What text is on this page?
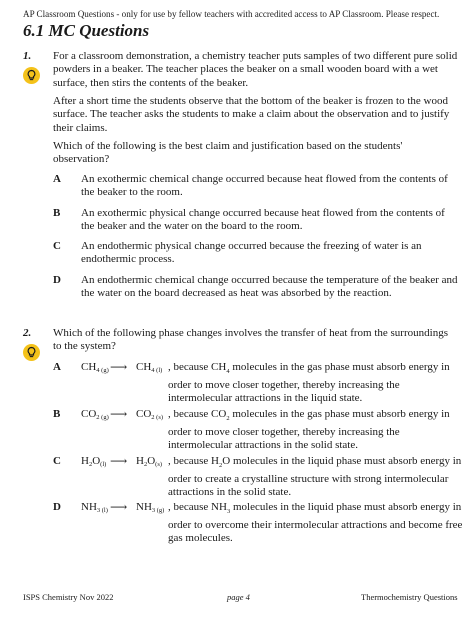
AP Classroom Questions - only for use by fellow teachers with accredited access to AP Classroom. Please respect.
6.1 MC Questions
1. For a classroom demonstration, a chemistry teacher puts samples of two different pure solid powders in a beaker. The teacher places the beaker on a small wooden board with a wet surface, then stirs the contents of the beaker.
After a short time the students observe that the bottom of the beaker is frozen to the wood surface. The teacher asks the students to make a claim about the observation and to justify their claims.
Which of the following is the best claim and justification based on the students' observation?
A An exothermic chemical change occurred because heat flowed from the contents of the beaker to the room.
B An exothermic physical change occurred because heat flowed from the contents of the beaker and the water on the board to the room.
C An endothermic physical change occurred because the freezing of water is an endothermic process.
D An endothermic chemical change occurred because the temperature of the beaker and the water on the board decreased as heat was absorbed by the reaction.
2. Which of the following phase changes involves the transfer of heat from the surroundings to the system?
A $CH_{4 (g)}$ ⟶ $CH_{4 (l)}$ , because $CH_4$ molecules in the gas phase must absorb energy in order to move closer together, thereby increasing the intermolecular attractions in the liquid state.
B $CO_{2 (g)}$ ⟶ $CO_{2 (s)}$ , because $CO_2$ molecules in the gas phase must absorb energy in order to move closer together, thereby increasing the intermolecular attractions in the solid state.
C $H_2O_{(l)}$ ⟶ $H_2O_{(s)}$ , because $H_2O$ molecules in the liquid phase must absorb energy in order to create a crystalline structure with strong intermolecular attractions in the solid state.
D $NH_{3 (l)}$ ⟶ $NH_{3 (g)}$ , because $NH_3$ molecules in the liquid phase must absorb energy in order to overcome their intermolecular attractions and become free gas molecules.
ISPS Chemistry Nov 2022	page 4	Thermochemistry Questions
